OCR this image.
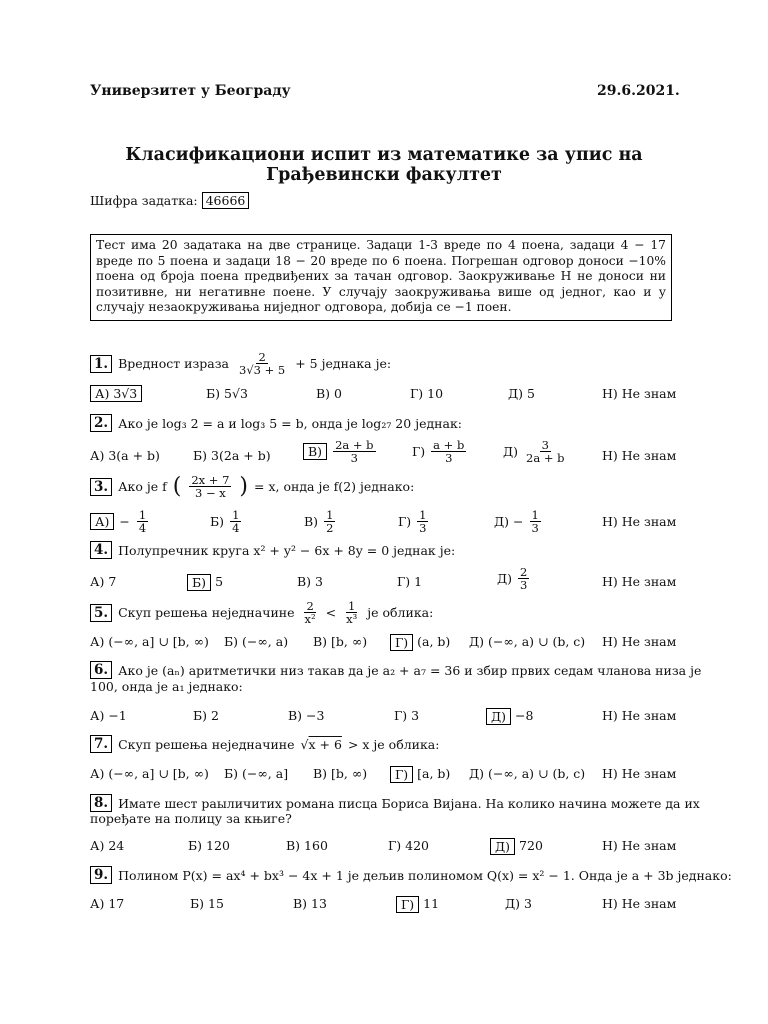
Универзитет у Београду	29.6.2021.
Класификациони испит из математике за упис на
Грађевински факултет
Шифра задатка: 46666
Тест има 20 задатака на две странице. Задаци 1-3 вреде по 4 поена, задаци 4 − 17 вреде по 5 поена и задаци 18 − 20 вреде по 6 поена. Погрешан одговор доноси −10% поена од броја поена предвиђених за тачан одговор. Заокруживање Н не доноси ни позитивне, ни негативне поене. У случају заокруживања више од једног, као и у случају незаокруживања ниједног одговора, добија се −1 поен.
1. Вредност израза $\frac{2}{3√3 + 5} + 5$ једнака је:
А) 3√3	Б) 5√3	В) 0	Г) 10	Д) 5	Н) Не знам
2. Ако је log₃ 2 = a и log₃ 5 = b, онда је log₂₇ 20 једнак:
А) 3(a + b)	Б) 3(2a + b)	$В) \frac{2a + b}{3}$	$Г) \frac{a + b}{3}$	$Д) \frac{3}{2a + b}$	Н) Не знам
3. Ако је f ( $\frac{2x + 7}{3 - x}$ ) = x, онда је f(2) једнако:
$А) - \frac{1}{4}$	$Б) \frac{1}{4}$	$В) \frac{1}{2}$	$Г) \frac{1}{3}$	$Д) - \frac{1}{3}$	Н) Не знам
4. Полупречник круга x² + y² − 6x + 8y = 0 једнак је:
А) 7	Б) 5	В) 3	Г) 1	$Д) \frac{2}{3}$	Н) Не знам
5. Скуп решења неједначине $\frac{2}{\text{x²}} < \frac{1}{\text{x³}}$ је облика:
А) (−∞, a] ∪ [b, ∞) Б) (−∞, a) В) [b, ∞)	Г) (a, b) Д) (−∞, a) ∪ (b, c) Н) Не знам
6. Ако је (aₙ) аритметички низ такав да је a₂ + a₇ = 36 и збир првих седам чланова низа је
100, онда је a₁ једнако:
А) −1	Б) 2	В) −3	Г) 3	Д) −8	Н) Не знам
7. Скуп решења неједначине √x + 6 > x је облика:
А) (−∞, a] ∪ [b, ∞) Б) (−∞, a] В) [b, ∞)	Г) [a, b) Д) (−∞, a) ∪ (b, c) Н) Не знам
8. Имате шест раыличитих романа писца Бориса Вијана. На колико начина можете да их
поређате на полицу за књиге?
А) 24	Б) 120	В) 160	Г) 420	Д) 720	Н) Не знам
9. Полином P(x) = ax⁴ + bx³ − 4x + 1 је дељив полиномом Q(x) = x² − 1. Онда је a + 3b једнако:
А) 17	Б) 15	В) 13	Г) 11	Д) 3	Н) Не знам
